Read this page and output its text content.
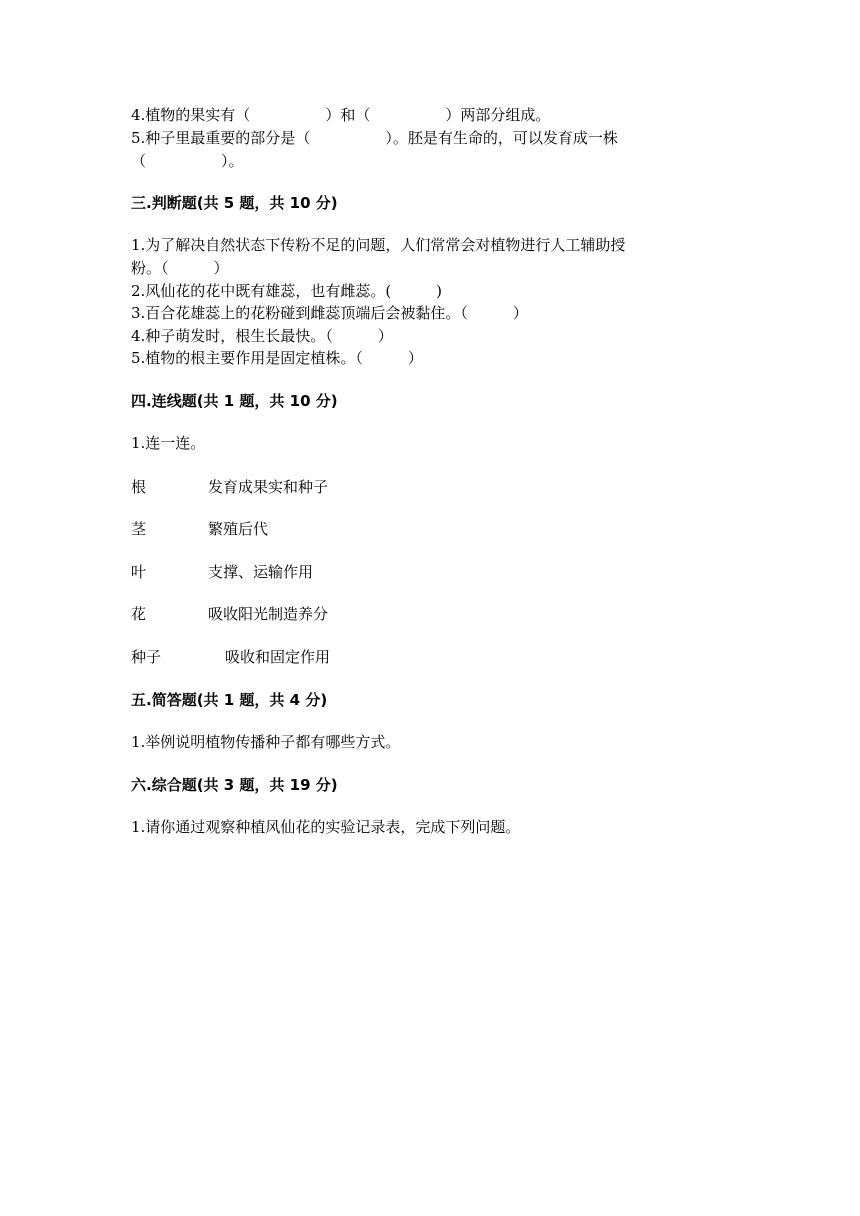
4.植物的果实有（　　　　　）和（　　　　　）两部分组成。
5.种子里最重要的部分是（　　　　　）。胚是有生命的，可以发育成一株
（　　　　　）。
三.判断题(共 5 题，共 10 分)
1.为了解决自然状态下传粉不足的问题，人们常常会对植物进行人工辅助授
粉。（　　　）
2.风仙花的花中既有雄蕊，也有雌蕊。(　　　)
3.百合花雄蕊上的花粉碰到雌蕊顶端后会被黏住。（　　　）
4.种子萌发时，根生长最快。（　　　）
5.植物的根主要作用是固定植株。（　　　）
四.连线题(共 1 题，共 10 分)
1.连一连。
根	发育成果实和种子
茎	繁殖后代
叶	支撑、运输作用
花	吸收阳光制造养分
种子	吸收和固定作用
五.简答题(共 1 题，共 4 分)
1.举例说明植物传播种子都有哪些方式。
六.综合题(共 3 题，共 19 分)
1.请你通过观察种植风仙花的实验记录表，完成下列问题。
